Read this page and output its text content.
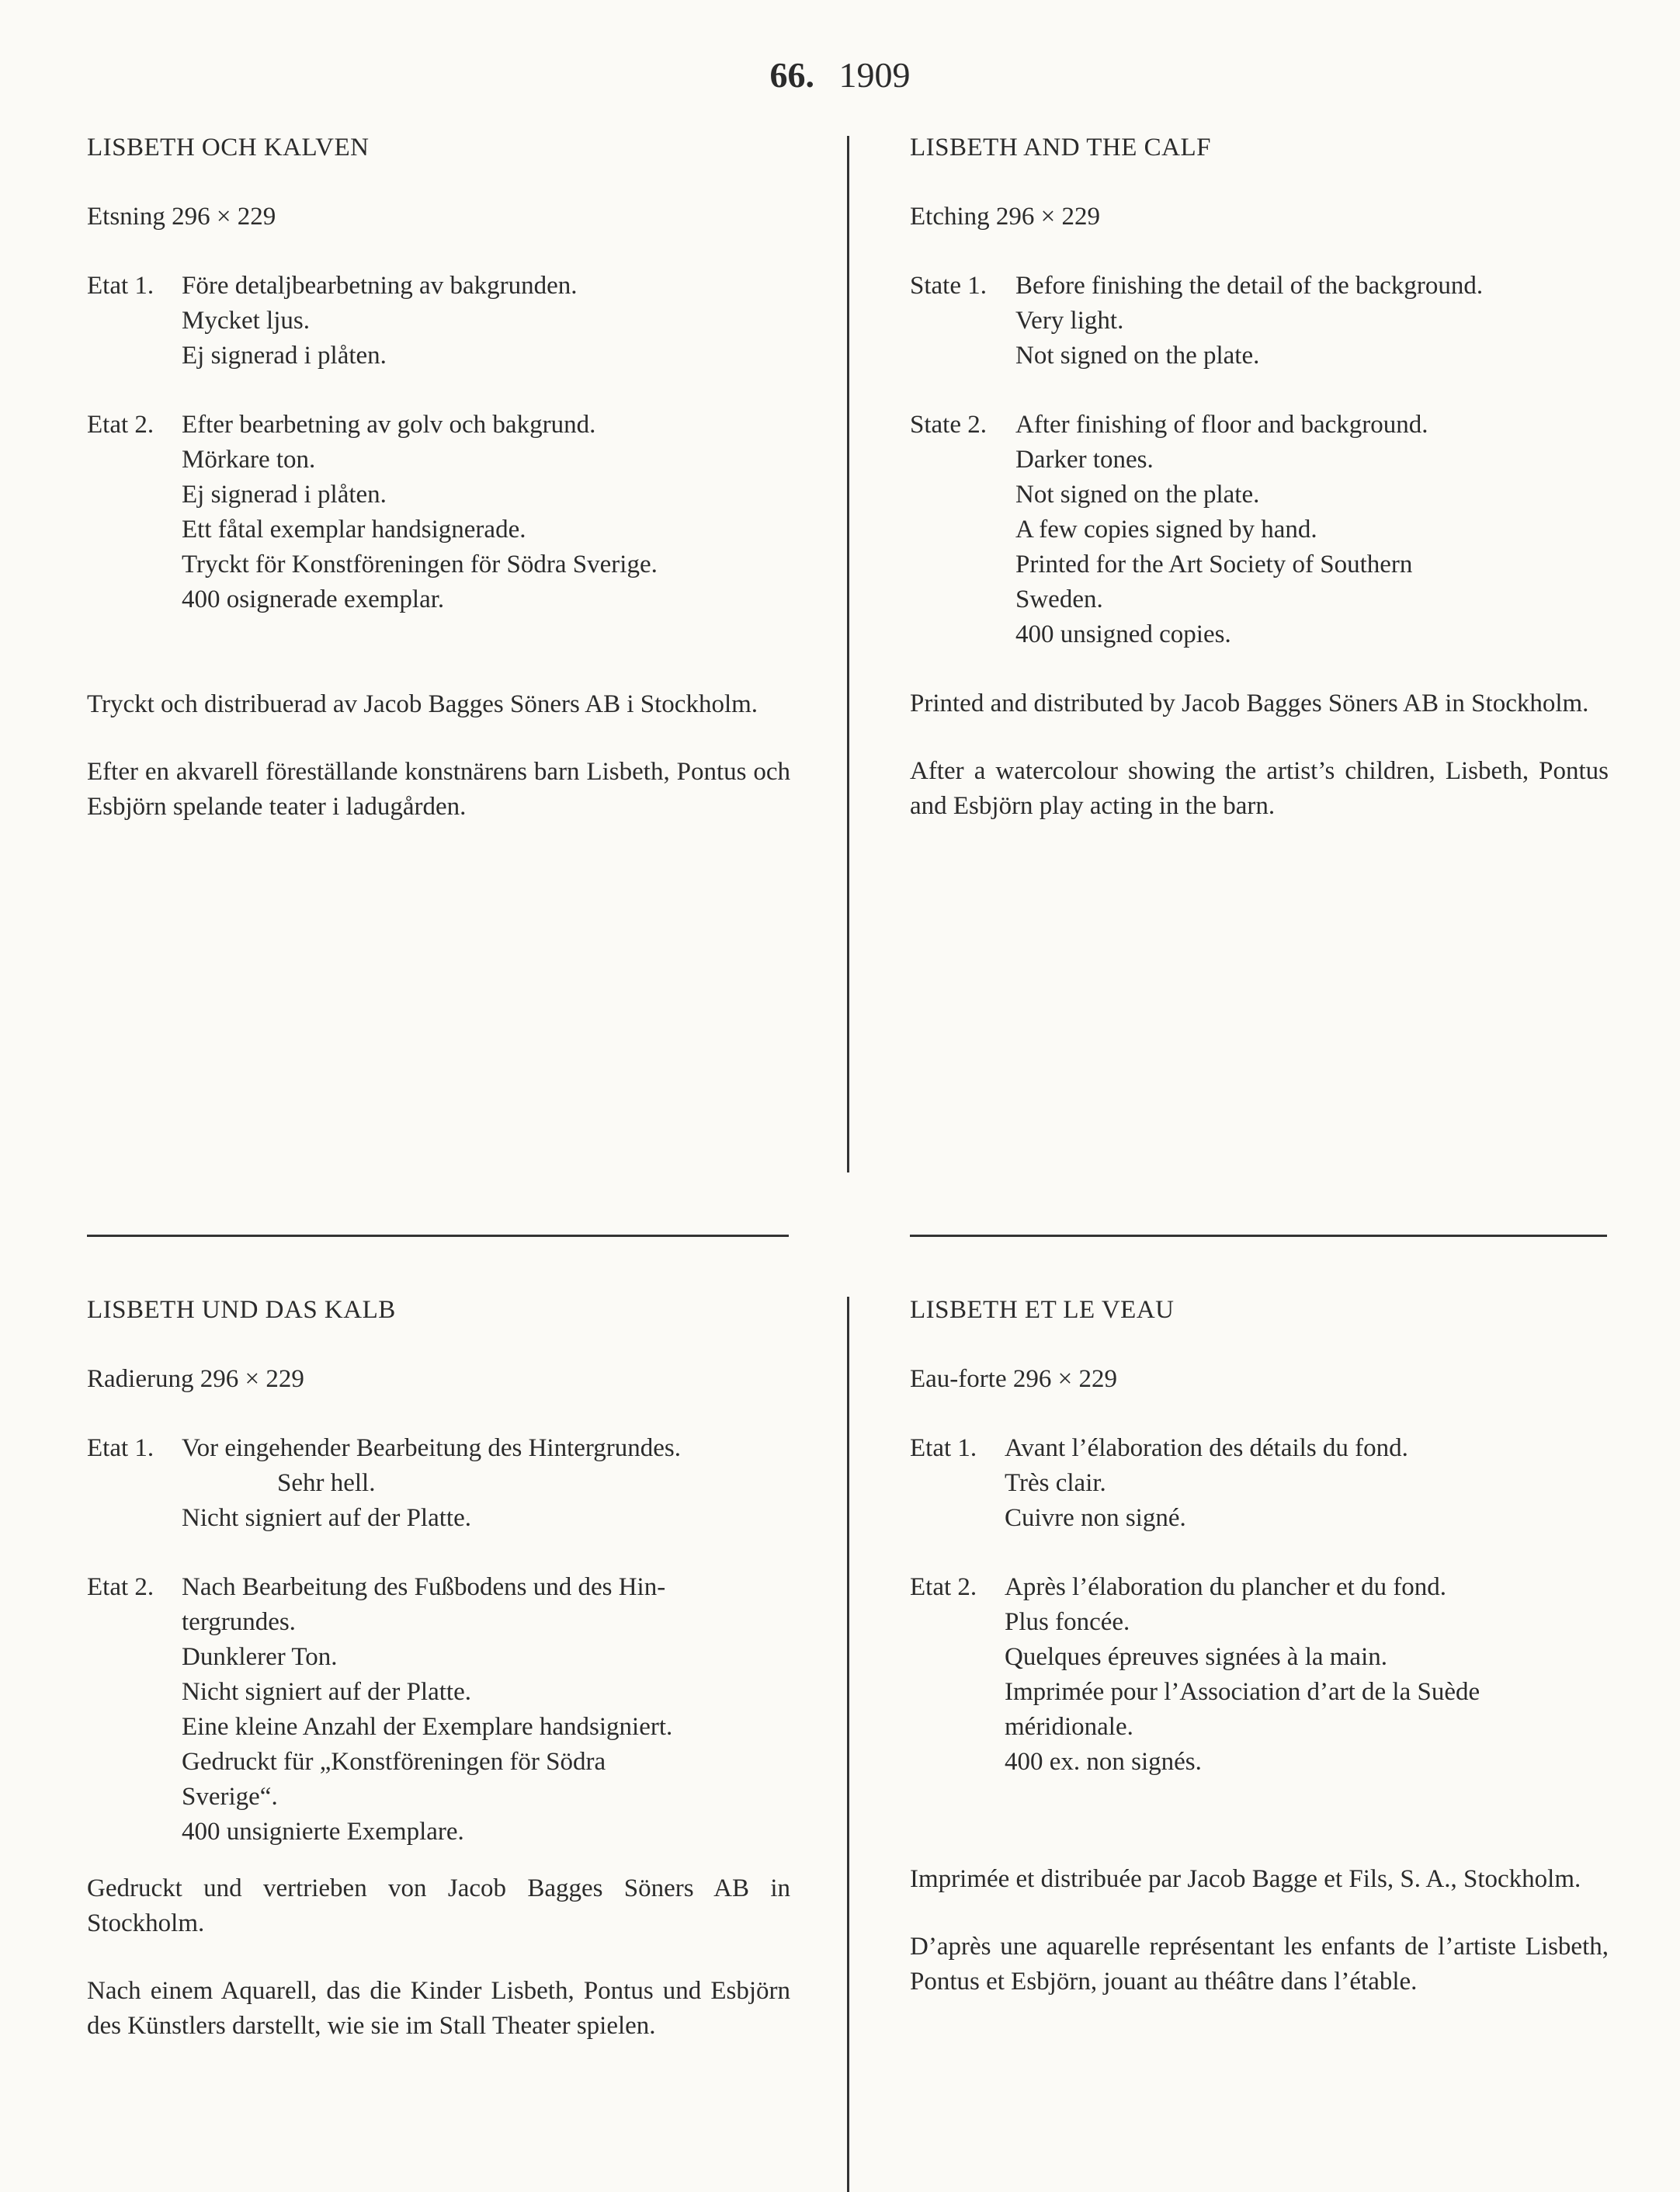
66. 1909
LISBETH OCH KALVEN
Etsning 296 × 229
Etat 1. Före detaljbearbetning av bakgrunden.
Mycket ljus.
Ej signerad i plåten.
Etat 2. Efter bearbetning av golv och bakgrund.
Mörkare ton.
Ej signerad i plåten.
Ett fåtal exemplar handsignerade.
Tryckt för Konstföreningen för Södra Sverige.
400 osignerade exemplar.
Tryckt och distribuerad av Jacob Bagges Söners AB i Stockholm.
Efter en akvarell föreställande konstnärens barn Lisbeth, Pontus och Esbjörn spelande teater i ladugården.
LISBETH AND THE CALF
Etching 296 × 229
State 1. Before finishing the detail of the background.
Very light.
Not signed on the plate.
State 2. After finishing of floor and background.
Darker tones.
Not signed on the plate.
A few copies signed by hand.
Printed for the Art Society of Southern
Sweden.
400 unsigned copies.
Printed and distributed by Jacob Bagges Söners AB in Stockholm.
After a watercolour showing the artist’s children, Lisbeth, Pontus and Esbjörn play acting in the barn.
LISBETH UND DAS KALB
Radierung 296 × 229
Etat 1. Vor eingehender Bearbeitung des Hintergrundes.
Sehr hell.
Nicht signiert auf der Platte.
Etat 2. Nach Bearbeitung des Fußbodens und des Hin-
tergrundes.
Dunklerer Ton.
Nicht signiert auf der Platte.
Eine kleine Anzahl der Exemplare handsigniert.
Gedruckt für „Konstföreningen för Södra
Sverige“.
400 unsignierte Exemplare.
Gedruckt und vertrieben von Jacob Bagges Söners AB in Stockholm.
Nach einem Aquarell, das die Kinder Lisbeth, Pontus und Esbjörn des Künstlers darstellt, wie sie im Stall Theater spielen.
LISBETH ET LE VEAU
Eau-forte 296 × 229
Etat 1. Avant l’élaboration des détails du fond.
Très clair.
Cuivre non signé.
Etat 2. Après l’élaboration du plancher et du fond.
Plus foncée.
Quelques épreuves signées à la main.
Imprimée pour l’Association d’art de la Suède
méridionale.
400 ex. non signés.
Imprimée et distribuée par Jacob Bagge et Fils, S. A., Stockholm.
D’après une aquarelle représentant les enfants de l’artiste Lisbeth, Pontus et Esbjörn, jouant au théâtre dans l’étable.
